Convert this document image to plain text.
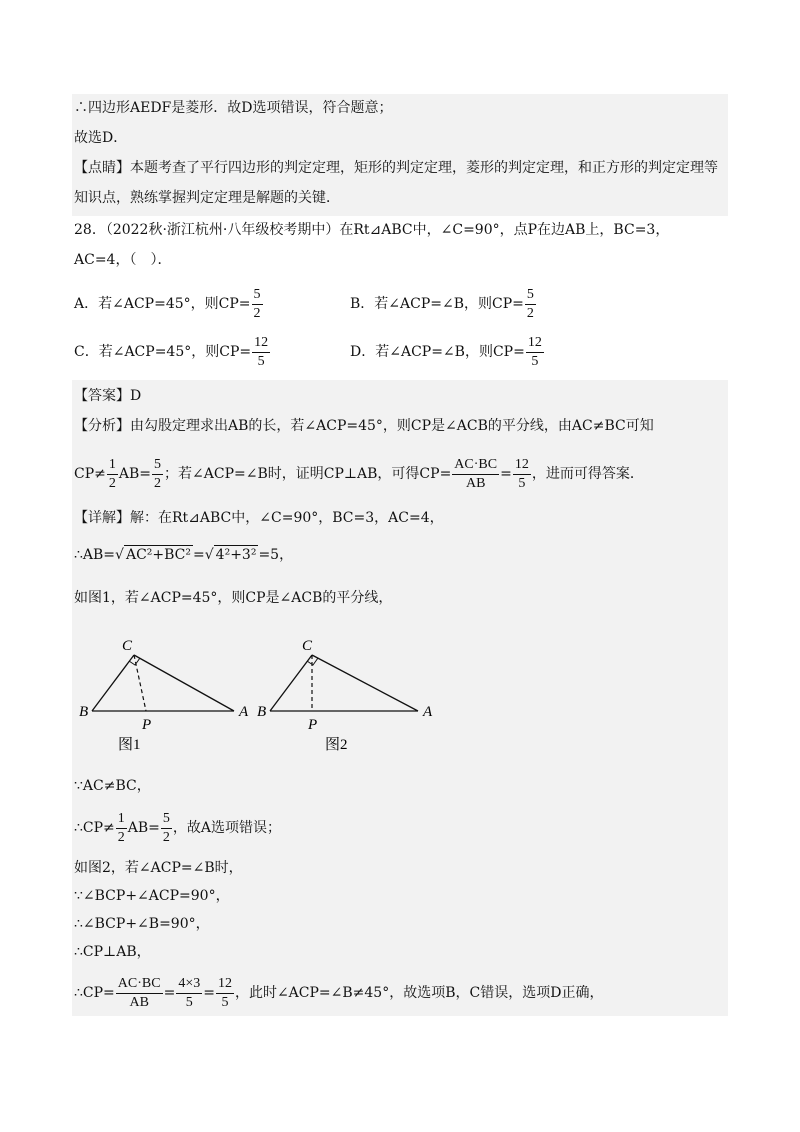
∴四边形AEDF是菱形．故D选项错误，符合题意；
故选D．
【点睛】本题考查了平行四边形的判定定理，矩形的判定定理，菱形的判定定理，和正方形的判定定理等
知识点，熟练掌握判定定理是解题的关键．
28．（2022秋·浙江杭州·八年级校考期中）在Rt⊿ABC中，∠C=90°，点P在边AB上，BC=3，
AC=4，（　）．
A．若∠ACP=45°，则$CP= \frac{5}{2}$	B．若∠ACP=∠B，则$CP= \frac{5}{2}$
C．若∠ACP=45°，则$CP= \frac{12}{5}$	D．若∠ACP=∠B，则$CP= \frac{12}{5}$
【答案】D
【分析】由勾股定理求出AB的长，若∠ACP=45°，则CP是∠ACB的平分线，由AC≠BC可知
$CP\ne \frac{1}{2} AB= \frac{5}{2}$ ；若∠ACP=∠B时，证明CP⊥AB，可得$CP= \frac{AC\cdot BC}{AB} = \frac{12}{5}$ ，进而可得答案．
【详解】解：在Rt⊿ABC中，∠C=90°，BC=3，AC=4，
∴AB=√ AC²+BC² =√ 4²+3² =5，
如图1，若∠ACP=45°，则CP是∠ACB的平分线，
C
B	A
P
图1
C
B	A
P
图2
∵AC≠BC，
∴CP≠ $\frac{1}{2} AB= \frac{5}{2}$ ，故A选项错误；
如图2，若∠ACP=∠B时，
∵∠BCP+∠ACP=90°，
∴∠BCP+∠B=90°，
∴CP⊥AB，
∴CP= $\frac{AC\cdot BC}{AB} = \frac{4\times 3}{5} = \frac{12}{5}$ ，此时∠ACP=∠B≠45°，故选项B，C错误，选项D正确，
